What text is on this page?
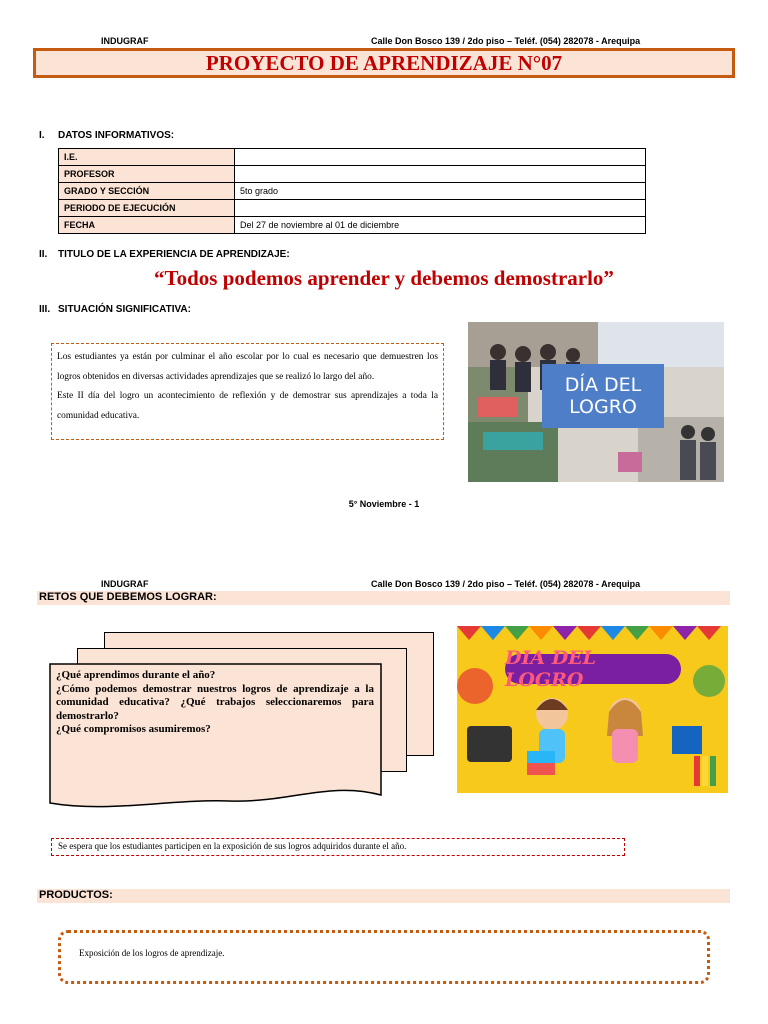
INDUGRAF	Calle Don Bosco 139 / 2do piso – Teléf. (054) 282078 - Arequipa
PROYECTO DE APRENDIZAJE N°07
I. DATOS INFORMATIVOS:
I.E.	
PROFESOR	
GRADO Y SECCIÓN	5to grado
PERIODO DE EJECUCIÓN	
FECHA	Del 27 de noviembre al 01 de diciembre
II. TITULO DE LA EXPERIENCIA DE APRENDIZAJE:
“Todos podemos aprender y debemos demostrarlo”
III. SITUACIÓN SIGNIFICATIVA:

Los estudiantes ya están por culminar el año escolar por lo cual es necesario que demuestren los logros obtenidos en diversas actividades aprendizajes que se realizó lo largo del año.

Este II día del logro un acontecimiento de reflexión y de demostrar sus aprendizajes a toda la comunidad educativa.

DÍA DEL LOGRO
5° Noviembre - 1
INDUGRAF	Calle Don Bosco 139 / 2do piso – Teléf. (054) 282078 - Arequipa
RETOS QUE DEBEMOS LOGRAR:

¿Qué aprendimos durante el año?

¿Cómo podemos demostrar nuestros logros de aprendizaje a la comunidad educativa? ¿Qué trabajos seleccionaremos para demostrarlo?

¿Qué compromisos asumiremos?

DIA DEL LOGRO
Se espera que los estudiantes participen en la exposición de sus logros adquiridos durante el año.
PRODUCTOS:
Exposición de los logros de aprendizaje.
